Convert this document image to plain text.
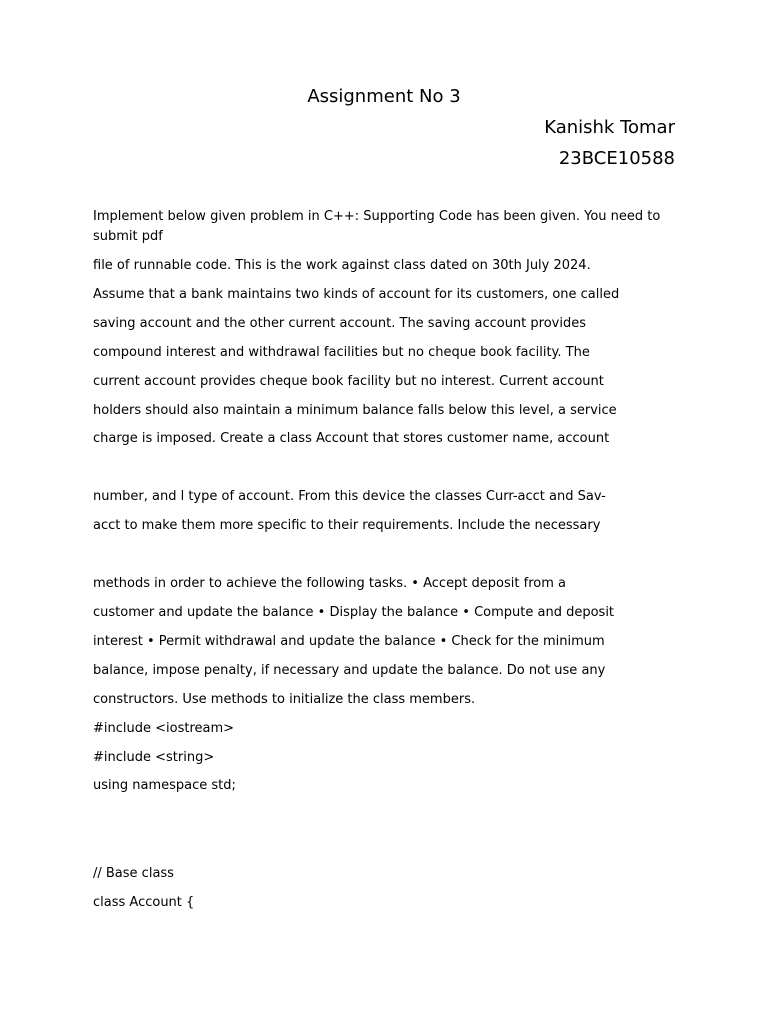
Assignment No 3
Kanishk Tomar
23BCE10588
Implement below given problem in C++: Supporting Code has been given. You need to
submit pdf
file of runnable code. This is the work against class dated on 30th July 2024.
Assume that a bank maintains two kinds of account for its customers, one called
saving account and the other current account. The saving account provides
compound interest and withdrawal facilities but no cheque book facility. The
current account provides cheque book facility but no interest. Current account
holders should also maintain a minimum balance falls below this level, a service
charge is imposed. Create a class Account that stores customer name, account
number, and l type of account. From this device the classes Curr-acct and Sav-
acct to make them more specific to their requirements. Include the necessary
methods in order to achieve the following tasks. • Accept deposit from a
customer and update the balance • Display the balance • Compute and deposit
interest • Permit withdrawal and update the balance • Check for the minimum
balance, impose penalty, if necessary and update the balance. Do not use any
constructors. Use methods to initialize the class members.
#include <iostream>
#include <string>
using namespace std;
// Base class
class Account {
